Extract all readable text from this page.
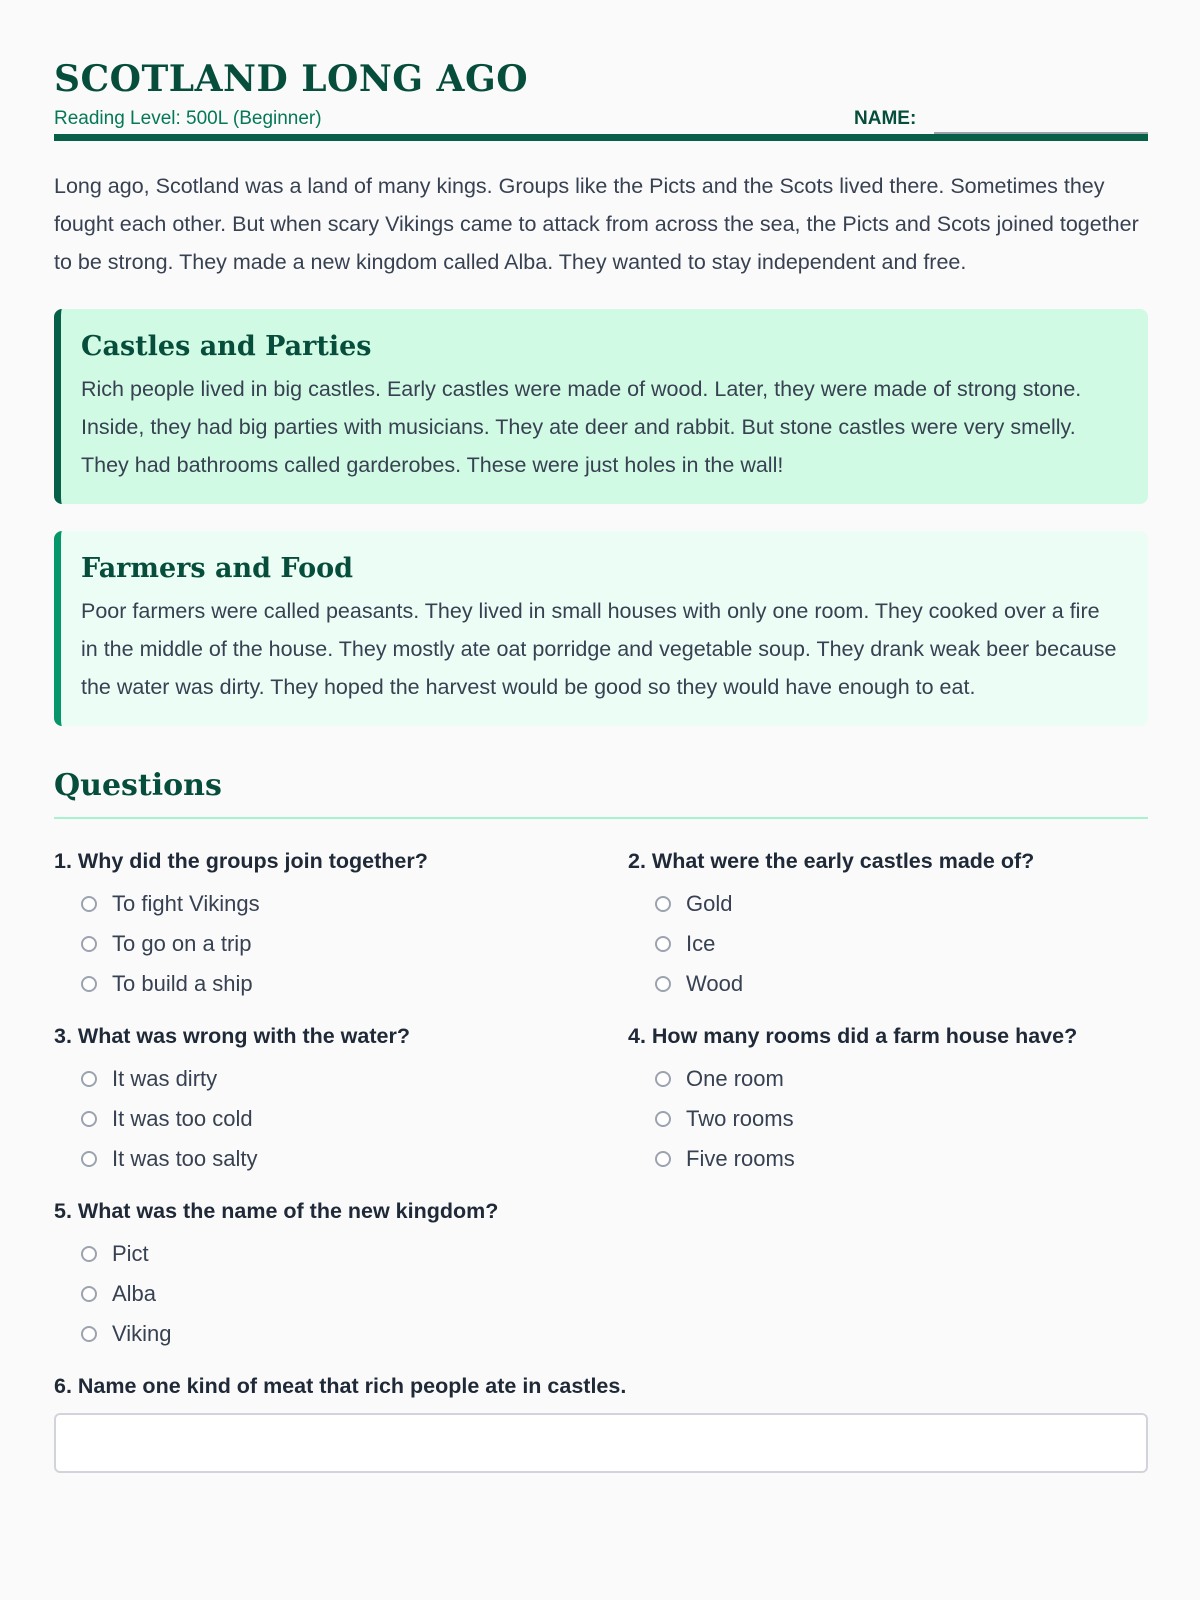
SCOTLAND LONG AGO
Reading Level: 500L (Beginner)	NAME:

Long ago, Scotland was a land of many kings. Groups like the Picts and the Scots lived there. Sometimes they fought each other. But when scary Vikings came to attack from across the sea, the Picts and Scots joined together to be strong. They made a new kingdom called Alba. They wanted to stay independent and free.

Castles and Parties

Rich people lived in big castles. Early castles were made of wood. Later, they were made of strong stone. Inside, they had big parties with musicians. They ate deer and rabbit. But stone castles were very smelly. They had bathrooms called garderobes. These were just holes in the wall!

Farmers and Food

Poor farmers were called peasants. They lived in small houses with only one room. They cooked over a fire in the middle of the house. They mostly ate oat porridge and vegetable soup. They drank weak beer because the water was dirty. They hoped the harvest would be good so they would have enough to eat.

Questions
1. Why did the groups join together?
To fight Vikings
To go on a trip
To build a ship
2. What were the early castles made of?
Gold
Ice
Wood
3. What was wrong with the water?
It was dirty
It was too cold
It was too salty
4. How many rooms did a farm house have?
One room
Two rooms
Five rooms
5. What was the name of the new kingdom?
Pict
Alba
Viking
6. Name one kind of meat that rich people ate in castles.
